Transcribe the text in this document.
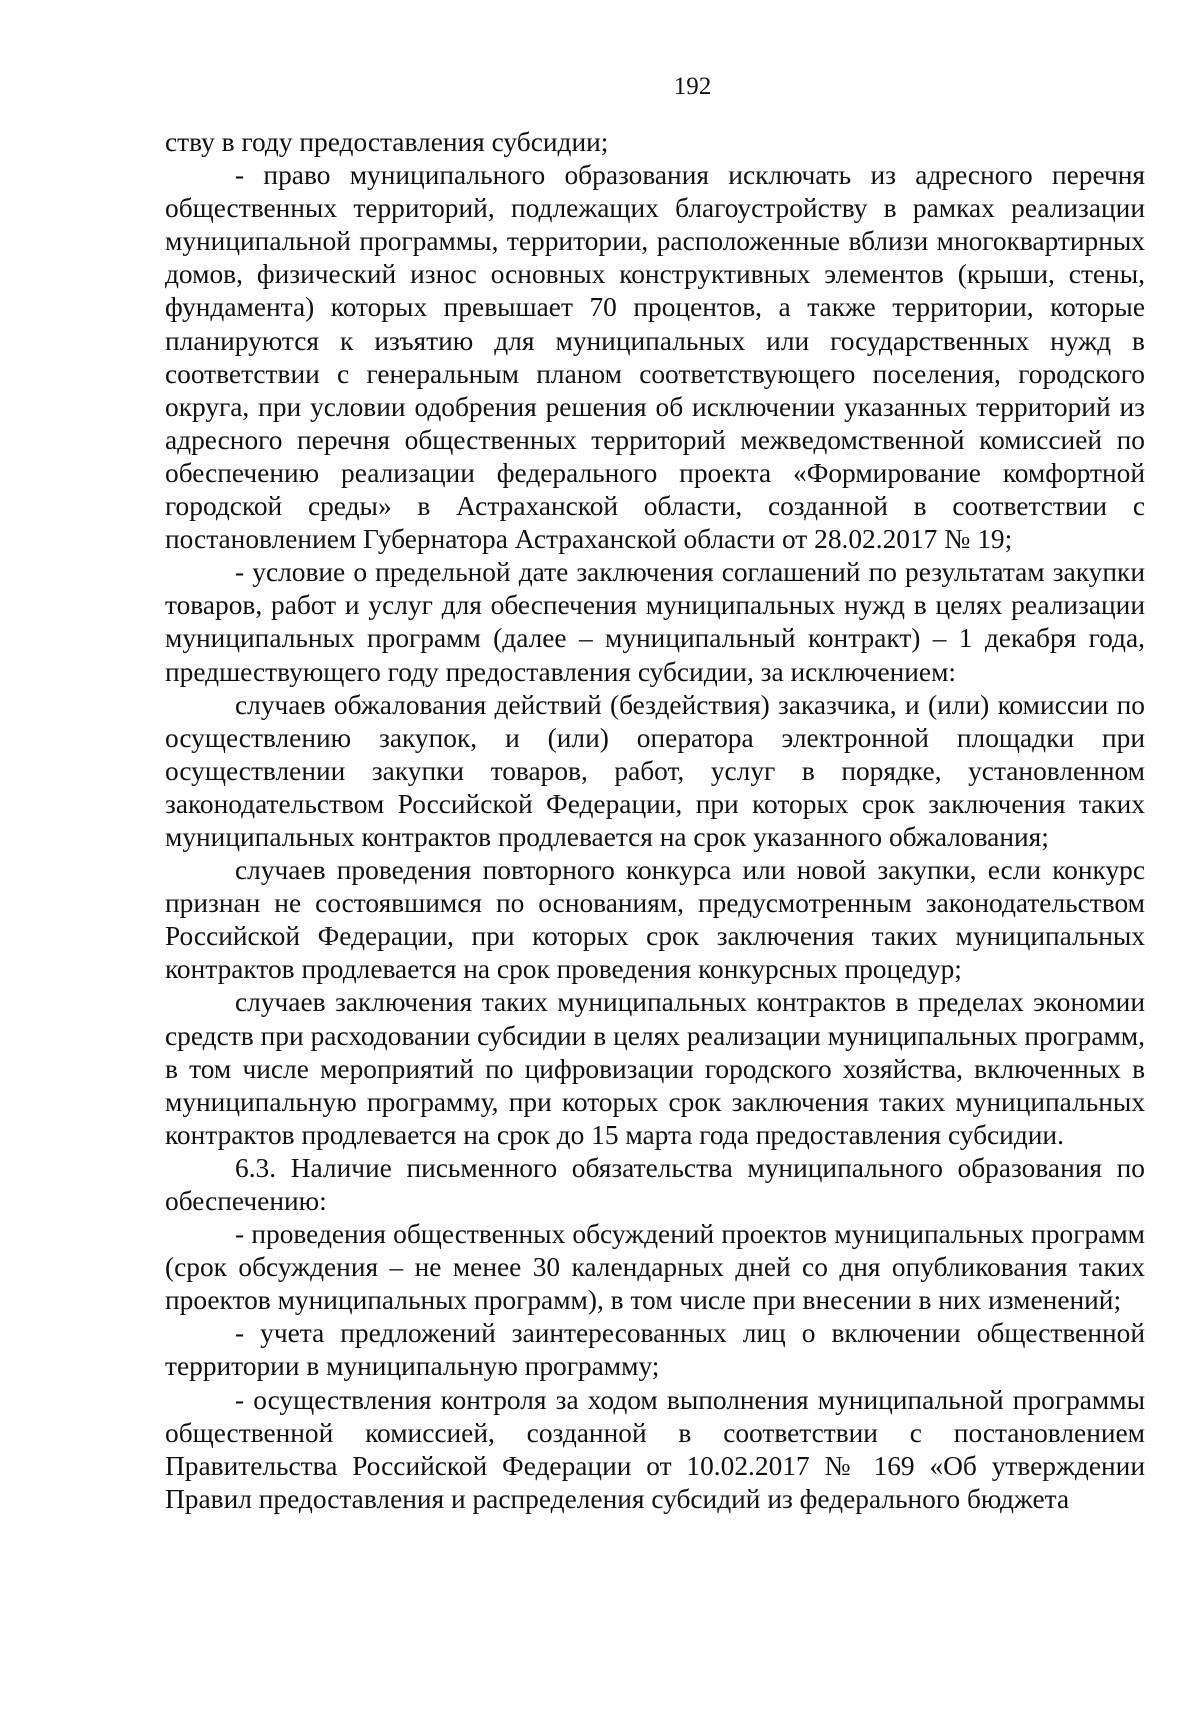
192

ству в году предоставления субсидии;

- право муниципального образования исключать из адресного перечня общественных территорий, подлежащих благоустройству в рамках реализации муниципальной программы, территории, расположенные вблизи многоквартирных домов, физический износ основных конструктивных элементов (крыши, стены, фундамента) которых превышает 70 процентов, а также территории, которые планируются к изъятию для муниципальных или государственных нужд в соответствии с генеральным планом соответствующего поселения, городского округа, при условии одобрения решения об исключении указанных территорий из адресного перечня общественных территорий межведомственной комиссией по обеспечению реализации федерального проекта «Формирование комфортной городской среды» в Астраханской области, созданной в соответствии с постановлением Губернатора Астраханской области от 28.02.2017 № 19;

- условие о предельной дате заключения соглашений по результатам закупки товаров, работ и услуг для обеспечения муниципальных нужд в целях реализации муниципальных программ (далее – муниципальный контракт) – 1 декабря года, предшествующего году предоставления субсидии, за исключением:

случаев обжалования действий (бездействия) заказчика, и (или) комиссии по осуществлению закупок, и (или) оператора электронной площадки при осуществлении закупки товаров, работ, услуг в порядке, установленном законодательством Российской Федерации, при которых срок заключения таких муниципальных контрактов продлевается на срок указанного обжалования;

случаев проведения повторного конкурса или новой закупки, если конкурс признан не состоявшимся по основаниям, предусмотренным законодательством Российской Федерации, при которых срок заключения таких муниципальных контрактов продлевается на срок проведения конкурсных процедур;

случаев заключения таких муниципальных контрактов в пределах экономии средств при расходовании субсидии в целях реализации муниципальных программ, в том числе мероприятий по цифровизации городского хозяйства, включенных в муниципальную программу, при которых срок заключения таких муниципальных контрактов продлевается на срок до 15 марта года предоставления субсидии.

6.3. Наличие письменного обязательства муниципального образования по обеспечению:

- проведения общественных обсуждений проектов муниципальных программ (срок обсуждения – не менее 30 календарных дней со дня опубликования таких проектов муниципальных программ), в том числе при внесении в них изменений;

- учета предложений заинтересованных лиц о включении общественной территории в муниципальную программу;

- осуществления контроля за ходом выполнения муниципальной программы общественной комиссией, созданной в соответствии с постановлением Правительства Российской Федерации от 10.02.2017 № 169 «Об утверждении Правил предоставления и распределения субсидий из федерального бюджета
